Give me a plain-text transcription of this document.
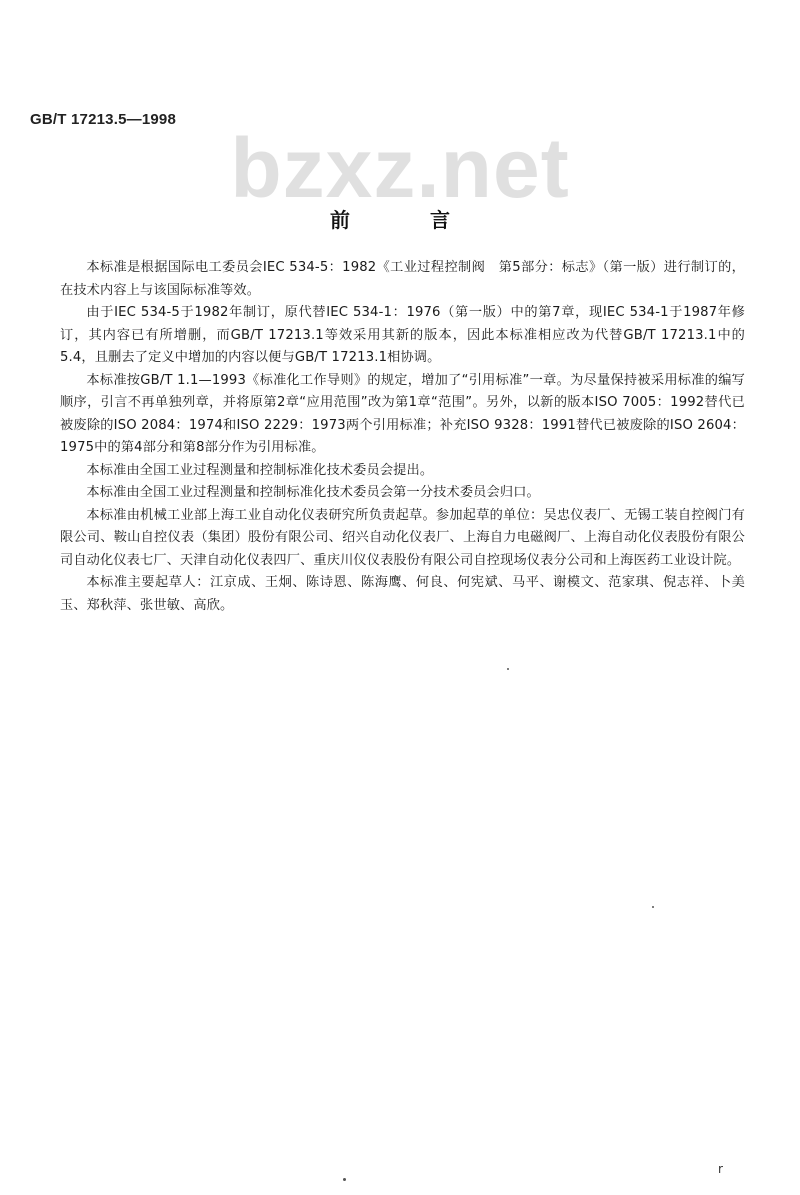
GB/T 17213.5—1998
bzxz.net
前	言

本标准是根据国际电工委员会IEC 534-5：1982《工业过程控制阀　第5部分：标志》（第一版）进行制订的，在技术内容上与该国际标准等效。

由于IEC 534-5于1982年制订，原代替IEC 534-1：1976（第一版）中的第7章，现IEC 534-1于1987年修订，其内容已有所增删，而GB/T 17213.1等效采用其新的版本，因此本标准相应改为代替GB/T 17213.1中的5.4，且删去了定义中增加的内容以便与GB/T 17213.1相协调。

本标准按GB/T 1.1—1993《标准化工作导则》的规定，增加了“引用标准”一章。为尽量保持被采用标准的编写顺序，引言不再单独列章，并将原第2章“应用范围”改为第1章“范围”。另外，以新的版本ISO 7005：1992替代已被废除的ISO 2084：1974和ISO 2229：1973两个引用标准；补充ISO 9328：1991替代已被废除的ISO 2604：1975中的第4部分和第8部分作为引用标准。

本标准由全国工业过程测量和控制标准化技术委员会提出。

本标准由全国工业过程测量和控制标准化技术委员会第一分技术委员会归口。

本标准由机械工业部上海工业自动化仪表研究所负责起草。参加起草的单位：吴忠仪表厂、无锡工装自控阀门有限公司、鞍山自控仪表（集团）股份有限公司、绍兴自动化仪表厂、上海自力电磁阀厂、上海自动化仪表股份有限公司自动化仪表七厂、天津自动化仪表四厂、重庆川仪仪表股份有限公司自控现场仪表分公司和上海医药工业设计院。

本标准主要起草人：江京成、王炯、陈诗恩、陈海鹰、何良、何宪斌、马平、谢模文、范家琪、倪志祥、卜美玉、郑秋萍、张世敏、高欣。

r
